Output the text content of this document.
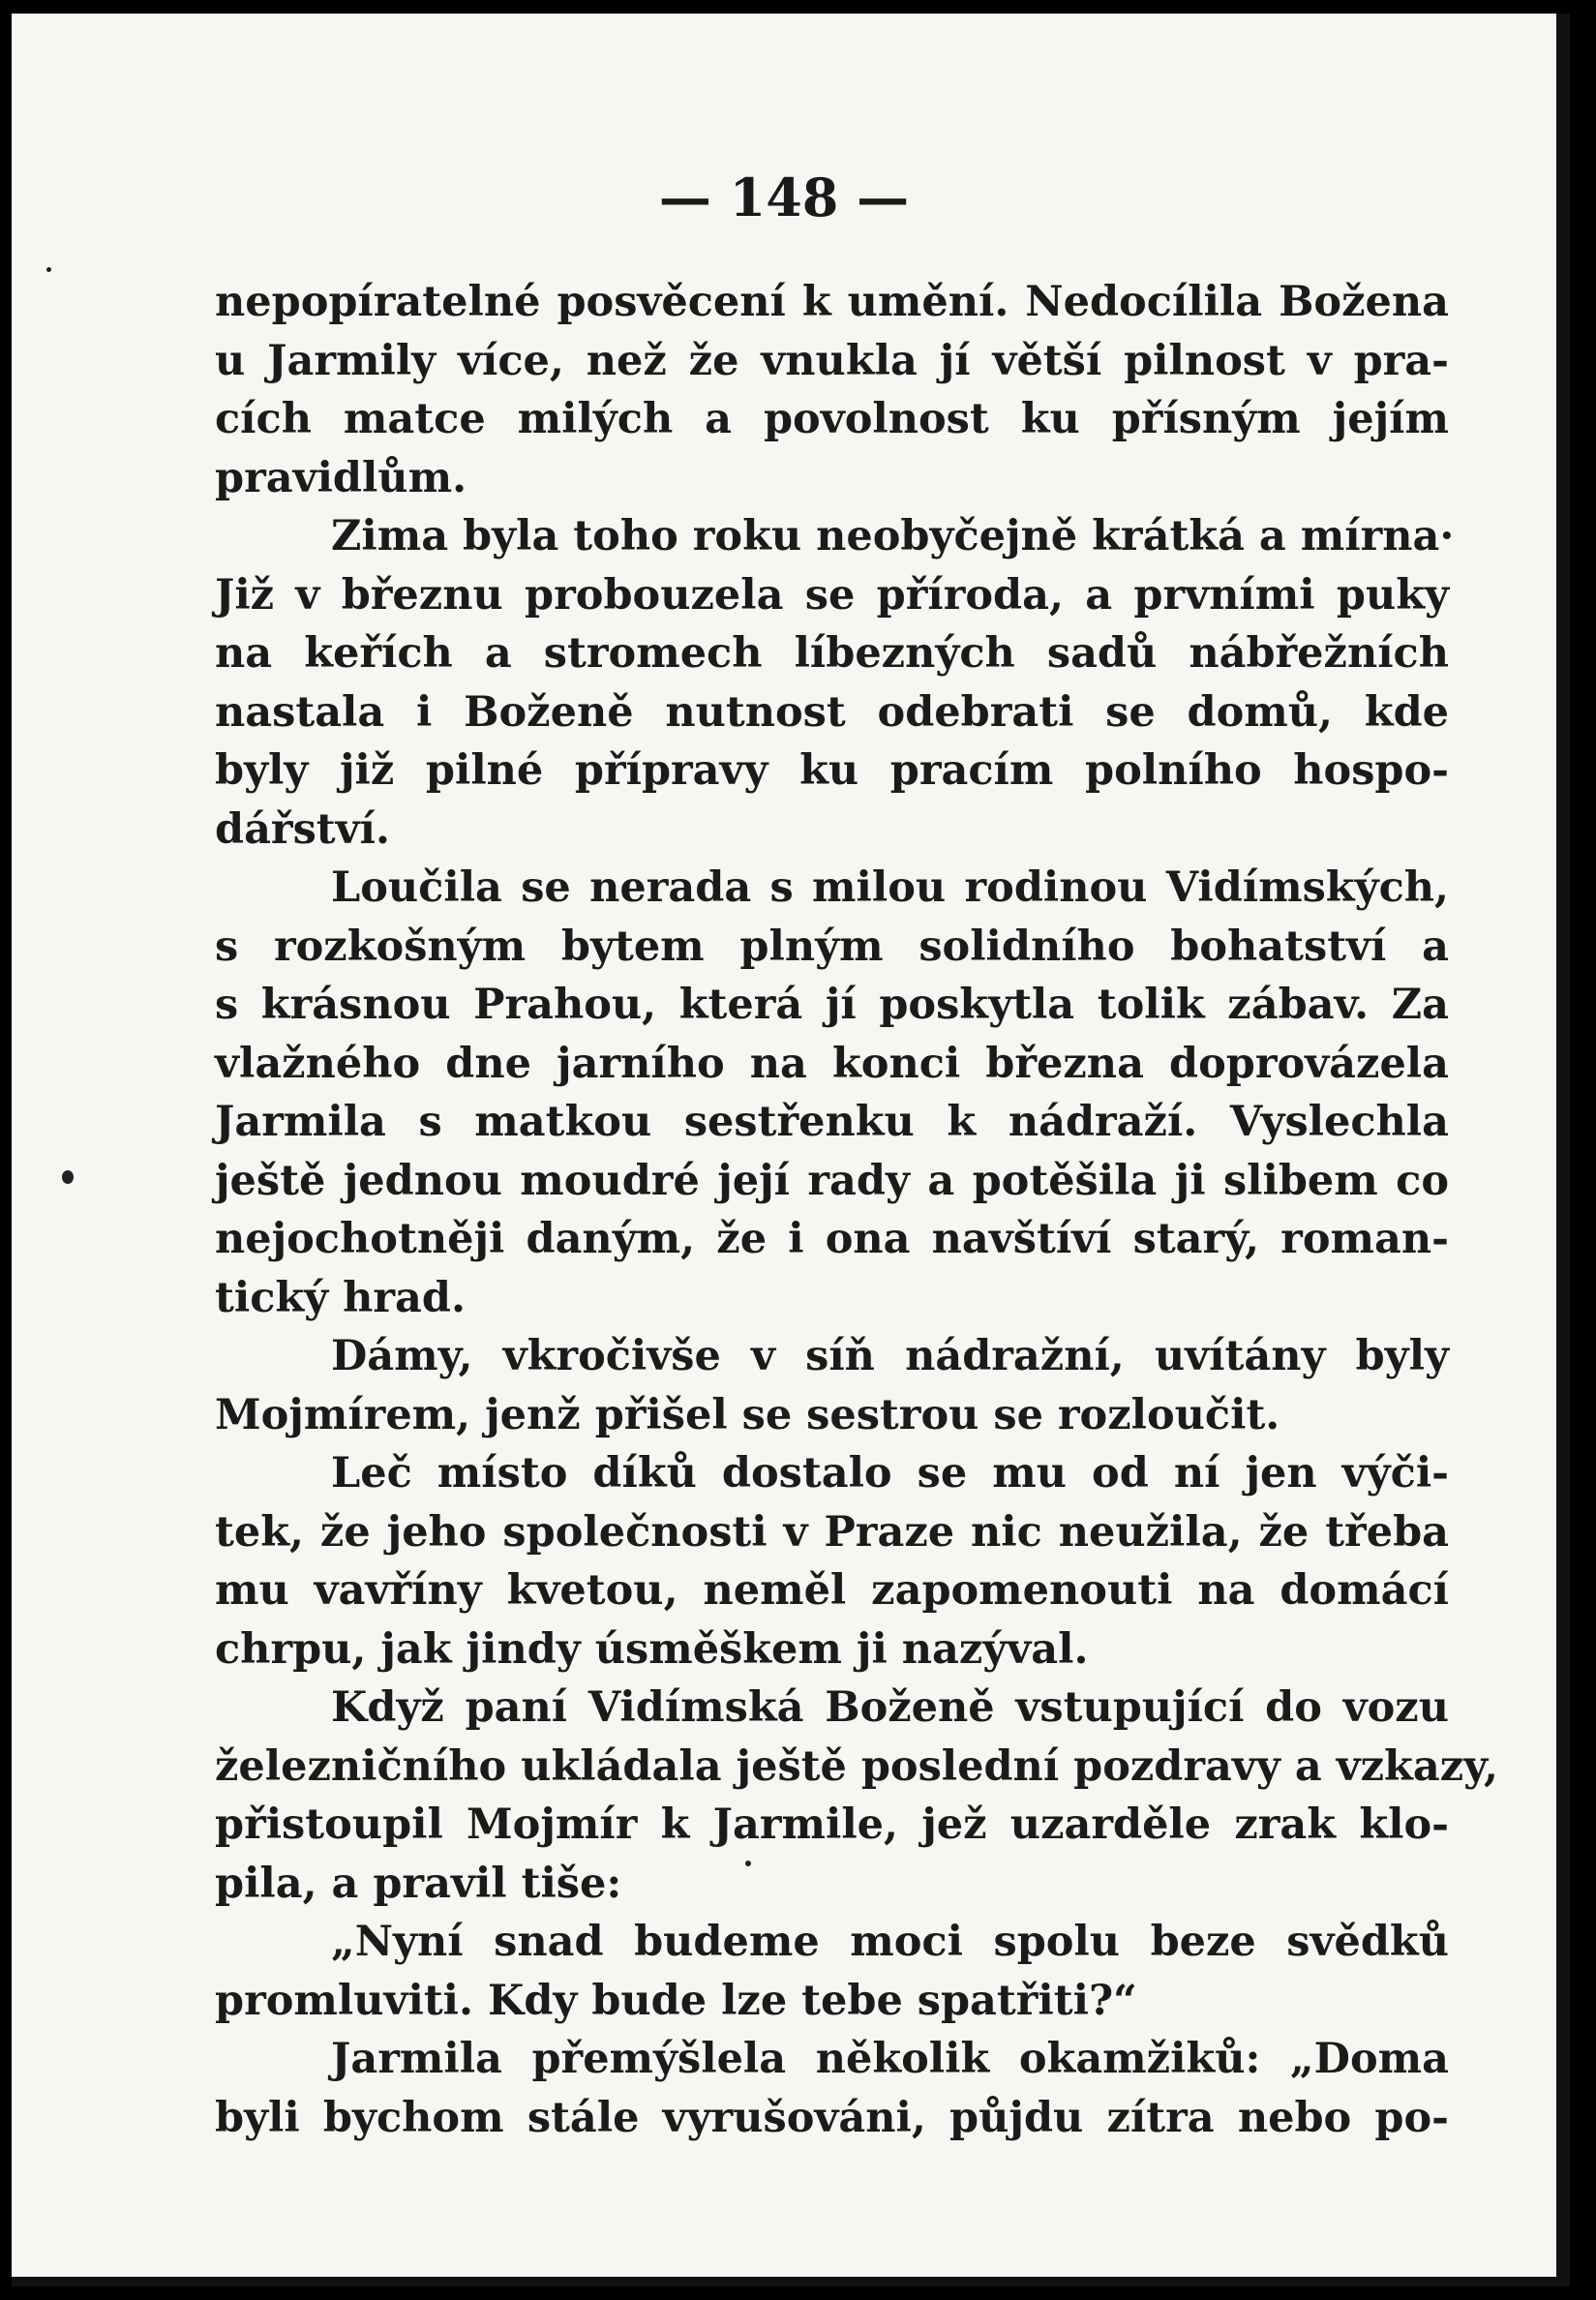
— 148 —
nepopíratelné posvěcení k umění. Nedocílila Božena
u Jarmily více, než že vnukla jí větší pilnost v pra-
cích matce milých a povolnost ku přísným jejím
pravidlům.
Zima byla toho roku neobyčejně krátká a mírna·
Již v březnu probouzela se příroda, a prvními puky
na keřích a stromech líbezných sadů nábřežních
nastala i Boženě nutnost odebrati se domů, kde
byly již pilné přípravy ku pracím polního hospo-
dářství.
Loučila se nerada s milou rodinou Vidímských,
s rozkošným bytem plným solidního bohatství a
s krásnou Prahou, která jí poskytla tolik zábav. Za
vlažného dne jarního na konci března doprovázela
Jarmila s matkou sestřenku k nádraží. Vyslechla
ještě jednou moudré její rady a potěšila ji slibem co
nejochotněji daným, že i ona navštíví starý, roman-
tický hrad.
Dámy, vkročivše v síň nádražní, uvítány byly
Mojmírem, jenž přišel se sestrou se rozloučit.
Leč místo díků dostalo se mu od ní jen výči-
tek, že jeho společnosti v Praze nic neužila, že třeba
mu vavříny kvetou, neměl zapomenouti na domácí
chrpu, jak jindy úsměškem ji nazýval.
Když paní Vidímská Boženě vstupující do vozu
železničního ukládala ještě poslední pozdravy a vzkazy,
přistoupil Mojmír k Jarmile, jež uzarděle zrak klo-
pila, a pravil tiše:
„Nyní snad budeme moci spolu beze svědků
promluviti. Kdy bude lze tebe spatřiti?“
Jarmila přemýšlela několik okamžiků: „Doma
byli bychom stále vyrušováni, půjdu zítra nebo po-
